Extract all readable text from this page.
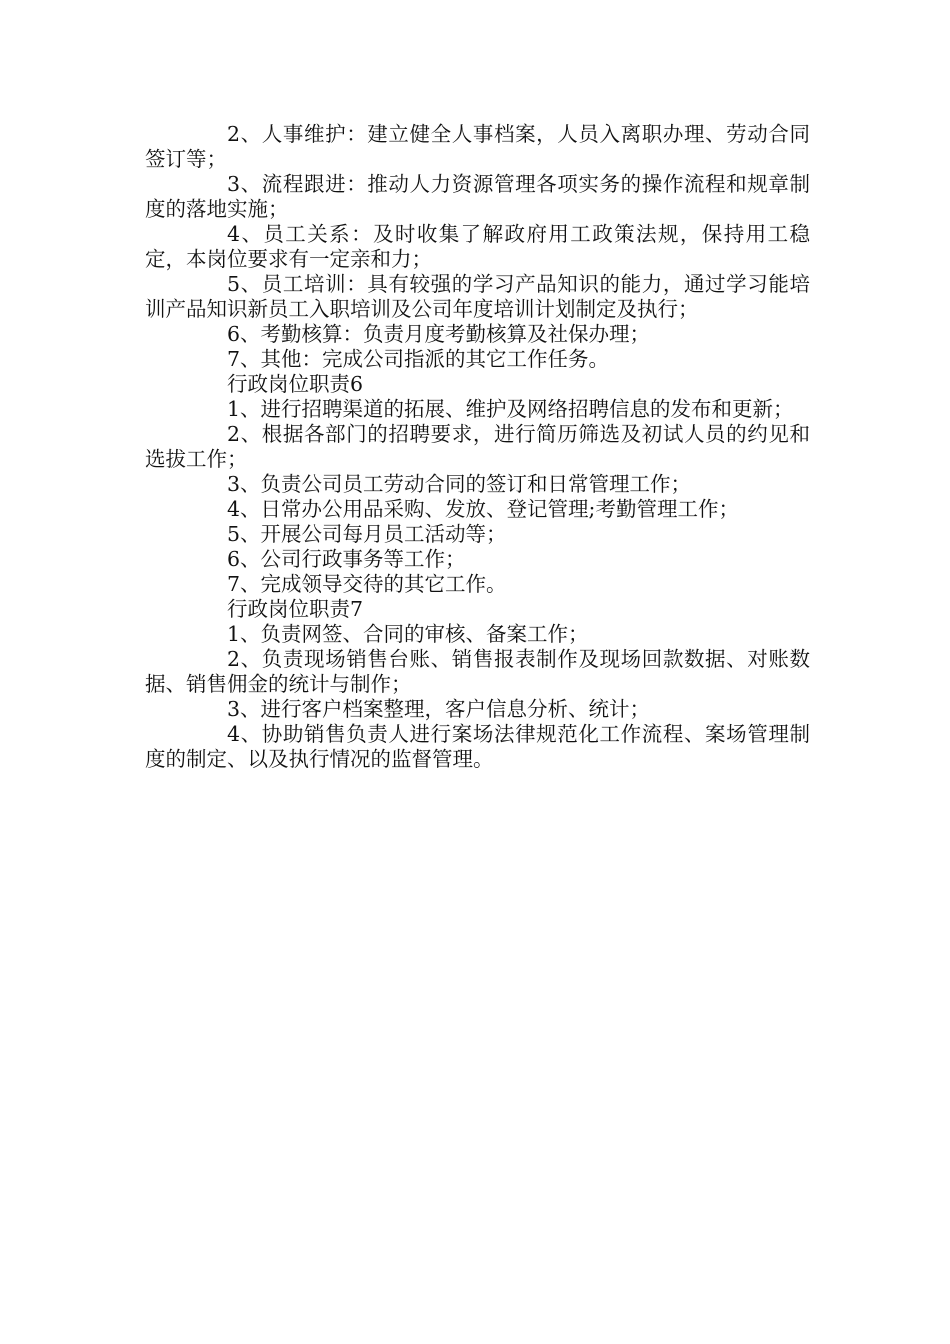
2、人事维护：建立健全人事档案，人员入离职办理、劳动合同签订等；

3、流程跟进：推动人力资源管理各项实务的操作流程和规章制度的落地实施；

4、员工关系：及时收集了解政府用工政策法规，保持用工稳定，本岗位要求有一定亲和力；

5、员工培训：具有较强的学习产品知识的能力，通过学习能培训产品知识新员工入职培训及公司年度培训计划制定及执行；

6、考勤核算：负责月度考勤核算及社保办理；

7、其他：完成公司指派的其它工作任务。

行政岗位职责6

1、进行招聘渠道的拓展、维护及网络招聘信息的发布和更新；

2、根据各部门的招聘要求，进行简历筛选及初试人员的约见和选拔工作；

3、负责公司员工劳动合同的签订和日常管理工作；

4、日常办公用品采购、发放、登记管理;考勤管理工作；

5、开展公司每月员工活动等；

6、公司行政事务等工作；

7、完成领导交待的其它工作。

行政岗位职责7

1、负责网签、合同的审核、备案工作；

2、负责现场销售台账、销售报表制作及现场回款数据、对账数据、销售佣金的统计与制作；

3、进行客户档案整理，客户信息分析、统计；

4、协助销售负责人进行案场法律规范化工作流程、案场管理制度的制定、以及执行情况的监督管理。
